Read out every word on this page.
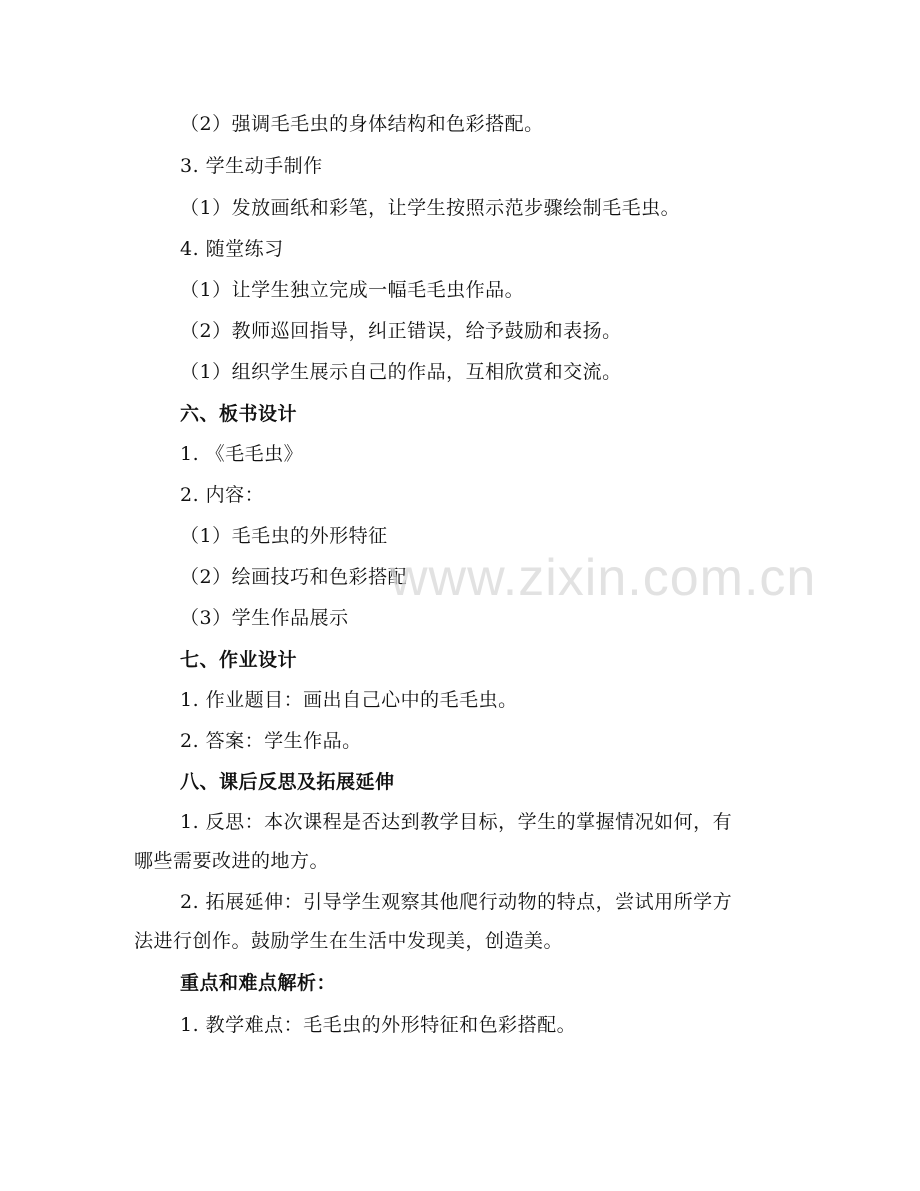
（2）强调毛毛虫的身体结构和色彩搭配。
3. 学生动手制作
（1）发放画纸和彩笔，让学生按照示范步骤绘制毛毛虫。
4. 随堂练习
（1）让学生独立完成一幅毛毛虫作品。
（2）教师巡回指导，纠正错误，给予鼓励和表扬。
（1）组织学生展示自己的作品，互相欣赏和交流。
六、板书设计
1. 《毛毛虫》
2. 内容：
（1）毛毛虫的外形特征
（2）绘画技巧和色彩搭配
（3）学生作品展示
七、作业设计
1. 作业题目：画出自己心中的毛毛虫。
2. 答案：学生作品。
八、课后反思及拓展延伸
1. 反思：本次课程是否达到教学目标，学生的掌握情况如何，有
哪些需要改进的地方。
2. 拓展延伸：引导学生观察其他爬行动物的特点，尝试用所学方
法进行创作。鼓励学生在生活中发现美，创造美。
重点和难点解析：
1. 教学难点：毛毛虫的外形特征和色彩搭配。
www.zixin.com.cn
